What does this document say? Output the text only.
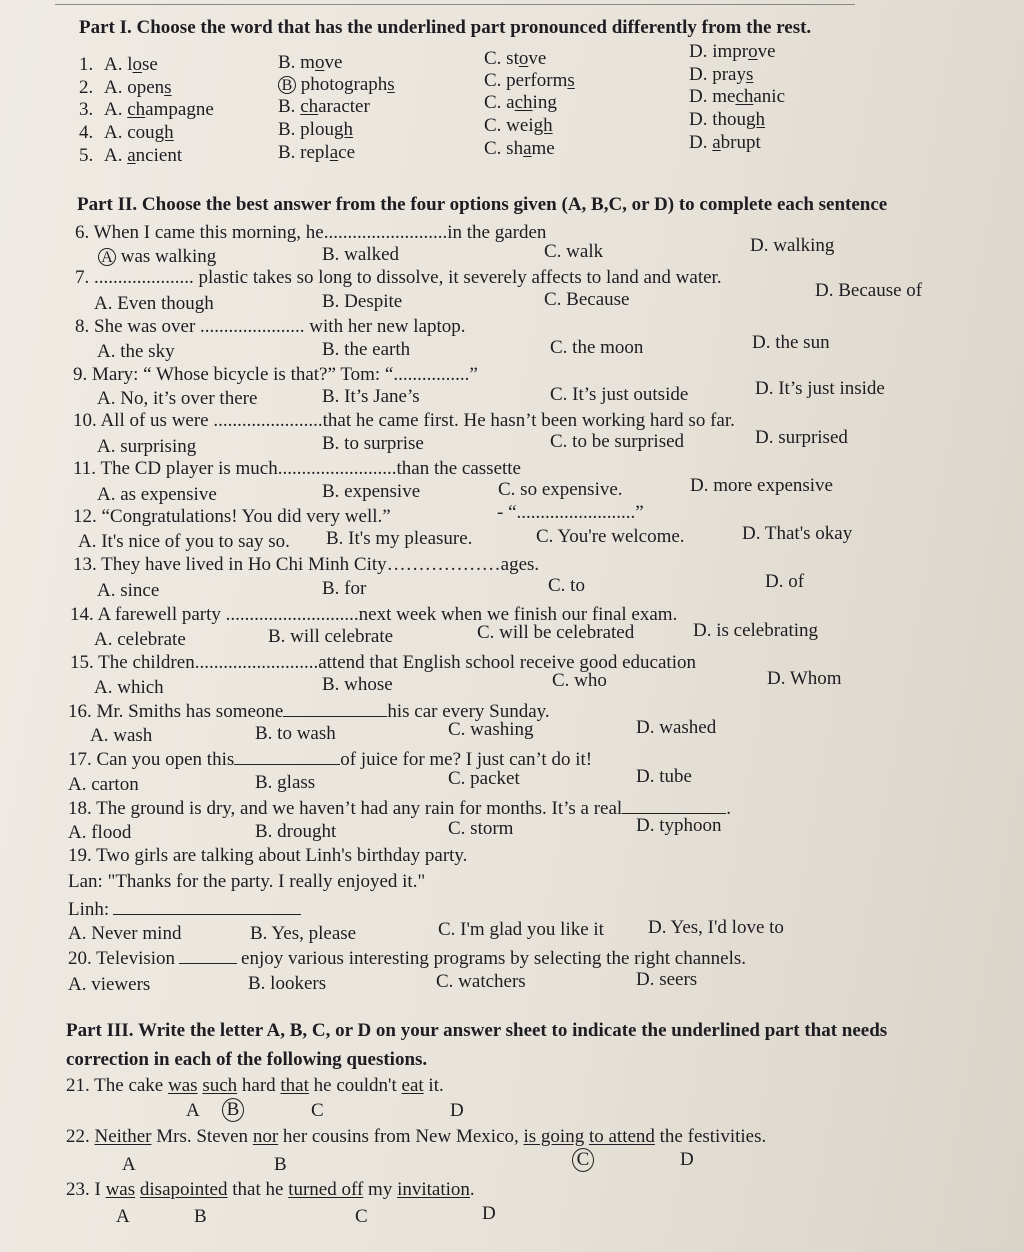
Part I. Choose the word that has the underlined part pronounced differently from the rest.
1. A. lose	B. move	C. stove	D. improve
2. A. opens	B photographs	C. performs	D. prays
3. A. champagne	B. character	C. aching	D. mechanic
4. A. cough	B. plough	C. weigh	D. though
5. A. ancient	B. replace	C. shame	D. abrupt
Part II. Choose the best answer from the four options given (A, B,C, or D) to complete each sentence
6. When I came this morning, he..........................in the garden
A was walking	B. walked	C. walk	D. walking
7. ..................... plastic takes so long to dissolve, it severely affects to land and water.
A. Even though	B. Despite	C. Because	D. Because of
8. She was over ...................... with her new laptop.
A. the sky	B. the earth	C. the moon	D. the sun
9. Mary: “ Whose bicycle is that?” Tom: “................”
A. No, it’s over there	B. It’s Jane’s	C. It’s just outside	D. It’s just inside
10. All of us were .......................that he came first. He hasn’t been working hard so far.
A. surprising	B. to surprise	C. to be surprised	D. surprised
11. The CD player is much.........................than the cassette
A. as expensive	B. expensive	C. so expensive.	D. more expensive
12. “Congratulations! You did very well.”	- “.........................”
A. It's nice of you to say so. B. It's my pleasure.	C. You're welcome.	D. That's okay
13. They have lived in Ho Chi Minh City………………ages.
A. since	B. for	C. to	D. of
14. A farewell party ............................next week when we finish our final exam.
A. celebrate	B. will celebrate	C. will be celebrated	D. is celebrating
15. The children..........................attend that English school receive good education
A. which	B. whose	C. who	D. Whom
16. Mr. Smiths has someone	his car every Sunday.
A. wash	B. to wash	C. washing	D. washed
17. Can you open this	of juice for me? I just can’t do it!
A. carton	B. glass	C. packet	D. tube
18. The ground is dry, and we haven’t had any rain for months. It’s a real	.
A. flood	B. drought	C. storm	D. typhoon
19. Two girls are talking about Linh's birthday party.
Lan: "Thanks for the party. I really enjoyed it."
Linh:
A. Never mind	B. Yes, please	C. I'm glad you like it D. Yes, I'd love to
20. Television	enjoy various interesting programs by selecting the right channels.
A. viewers	B. lookers	C. watchers	D. seers
Part III. Write the letter A, B, C, or D on your answer sheet to indicate the underlined part that needs
correction in each of the following questions.
21. The cake was such hard that he couldn't eat it.
A B	C	D
22. Neither Mrs. Steven nor her cousins from New Mexico, is going to attend the festivities.
A	B	C	D
23. I was disapointed that he turned off my invitation.
A	B	C	D
